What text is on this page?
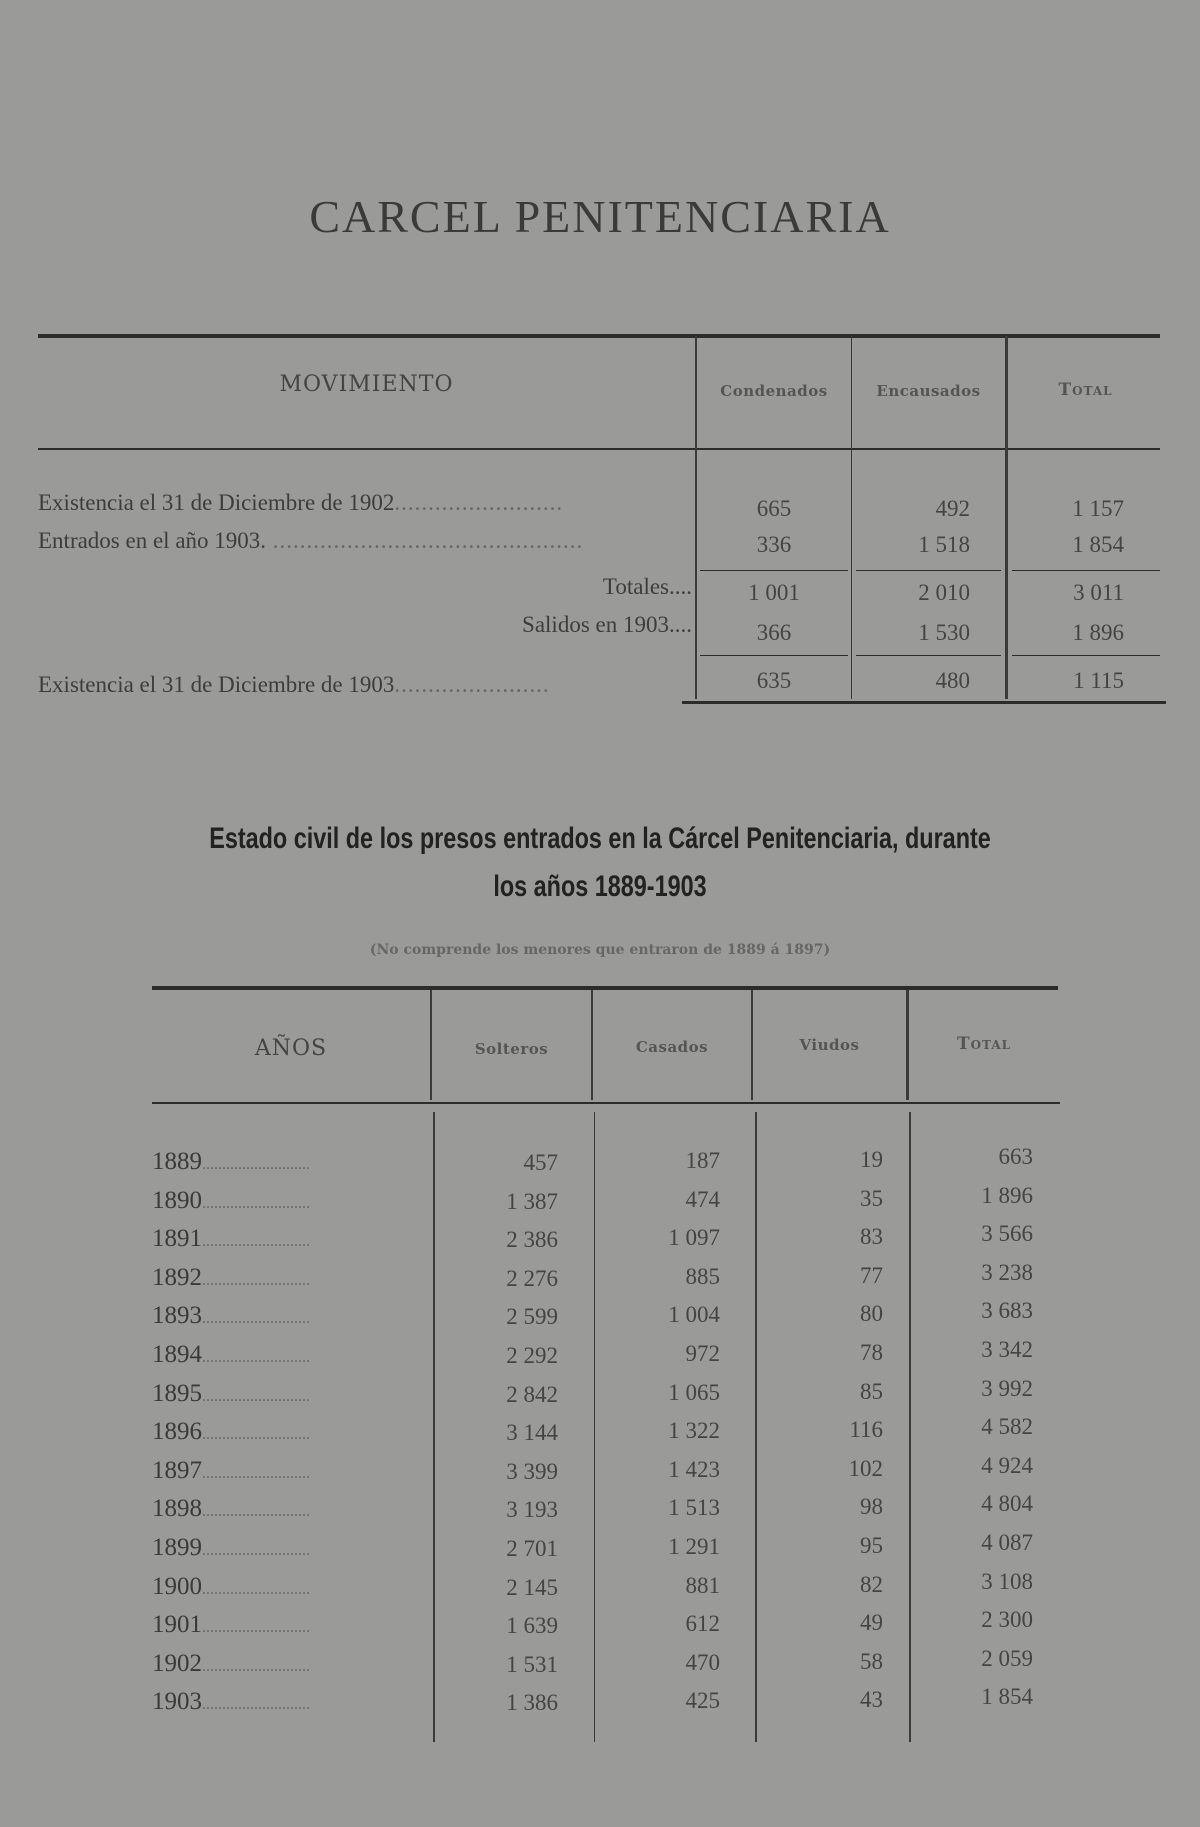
CARCEL PENITENCIARIA
MOVIMIENTO	Condenados	Encausados	Total
Existencia el 31 de Diciembre de 1902.........................	665	492	1 157
Entrados en el año 1903. ..............................................	336	1 518	1 854
Totales....	1 001	2 010	3 011
Salidos en 1903....	366	1 530	1 896
Existencia el 31 de Diciembre de 1903.......................	635	480	1 115
Estado civil de los presos entrados en la Cárcel Penitenciaria, durante
los años 1889-1903
(No comprende los menores que entraron de 1889 á 1897)
AÑOS	Solteros	Casados	Viudos	Total
1889...........................	457	187	19	663
1890...........................	1 387	474	35	1 896
1891...........................	2 386	1 097	83	3 566
1892...........................	2 276	885	77	3 238
1893...........................	2 599	1 004	80	3 683
1894...........................	2 292	972	78	3 342
1895...........................	2 842	1 065	85	3 992
1896...........................	3 144	1 322	116	4 582
1897...........................	3 399	1 423	102	4 924
1898...........................	3 193	1 513	98	4 804
1899...........................	2 701	1 291	95	4 087
1900...........................	2 145	881	82	3 108
1901...........................	1 639	612	49	2 300
1902...........................	1 531	470	58	2 059
1903...........................	1 386	425	43	1 854
